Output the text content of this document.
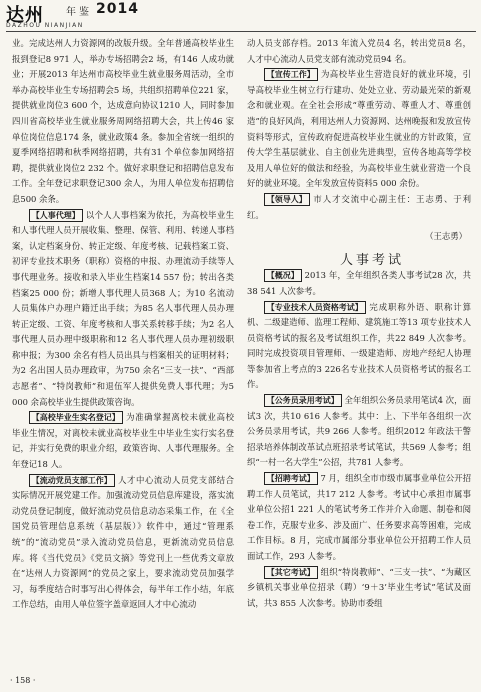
达州 年鉴 2014
DAZHOU NIANJIAN

业。完成达州人力资源网的改版升级。全年普通高校毕业生报到登记8 971 人，举办专场招聘会2 场，有146 人成功就业；开展2013 年达州市高校毕业生就业服务周活动，全市举办高校毕业生专场招聘会5 场，共组织招聘单位221 家，提供就业岗位3 600 个，达成意向协议1210 人，同时参加四川省高校毕业生就业服务周网络招聘大会，共上传46 家单位岗位信息174 条，就业政策4 条。参加全省统一组织的夏季网络招聘和秋季网络招聘，共有31 个单位参加网络招聘，提供就业岗位2 232 个。做好求职登记和招聘信息发布工作。全年登记求职登记300 余人，为用人单位发布招聘信息500 余条。

【人事代理】 以个人人事档案为依托，为高校毕业生和人事代理人员开展收集、整理、保管、利用、转递人事档案，认定档案身份、转正定级、年度考核、记载档案工资、初评专业技术职务（职称）资格的申报、办理流动手续等人事代理业务。接收和录入毕业生档案14 557 份；转出各类档案25 000 份；新增人事代理人员368 人；为10 名流动人员集体户办理户籍迁出手续；为85 名人事代理人员办理转正定级、工资、年度考核和人事关系转移手续；为2 名人事代理人员办理中级职称和12 名人事代理人员办理初级职称申报；为300 余名有档人员出具与档案相关的证明材料；为2 名出国人员办理政审，为750 余名“三支一扶”、“西部志愿者”、“特岗教师”和退伍军人提供免费人事代理；为5 000 余高校毕业生提供政策咨询。

【高校毕业生实名登记】 为准确掌握离校未就业高校毕业生情况，对离校未就业高校毕业生中毕业生实行实名登记，并实行免费的职业介绍，政策咨询、人事代理服务。全年登记18 人。

【流动党员支部工作】 人才中心流动人员党支部结合实际情况开展党建工作。加强流动党员信息库建设，落实流动党员登记制度，做好流动党员信息动态采集工作，在《全国党员管理信息系统（基层版）》软件中，通过“管理系统”的“流动党员”录入流动党员信息，更新流动党员信息库。将《当代党员》《党员文摘》等党刊上一些优秀文章放在“达州人力资源网”的党员之家上，要求流动党员加强学习，每季度结合时事写出心得体会，每半年工作小结，年底工作总结，由用人单位签字盖章返回人才中心流动

动人员支部存档。2013 年流入党员4 名，转出党员8 名，人才中心流动人员党支部有流动党员94 名。

【宣传工作】 为高校毕业生营造良好的就业环境，引导高校毕业生树立行行建功、处处立业、劳动最光荣的新观念和就业观。在全社会形成“尊重劳动、尊重人才、尊重创造”的良好风尚，利用达州人力资源网、达州晚报和发放宣传资料等形式，宣传政府促进高校毕业生就业的方针政策，宣传大学生基层就业、自主创业先进典型，宣传各地高等学校及用人单位好的做法和经验，为高校毕业生就业营造一个良好的就业环境。全年发放宣传资料5 000 余份。

【领导人】 市人才交流中心副主任：王志勇、于利红。

（王志勇）

人事考试

【概况】 2013 年，全年组织各类人事考试28 次，共38 541 人次参考。

【专业技术人员资格考试】 完成职称外语、职称计算机、二级建造师、监理工程师、建筑施工等13 项专业技术人员资格考试的报名及考试组织工作，共22 849 人次参考。同时完成投资项目管理师、一级建造师、房地产经纪人协理等参加省上考点的3 226名专业技术人员资格考试的报名工作。

【公务员录用考试】 全年组织公务员录用笔试4 次，面试3 次，共10 616 人参考。其中：上、下半年各组织一次公务员录用考试，共9 266 人参考。组织2012 年政法干警招录培养体制改革试点班招录考试笔试，共569 人参考；组织“一村一名大学生”公招，共781 人参考。

【招聘考试】 7 月，组织全市市级市属事业单位公开招聘工作人员笔试，共17 212 人参考。考试中心承担市属事业单位公招1 221 人的笔试考务工作并介入命题、制卷和阅卷工作，克服专业多、涉及面广、任务要求高等困难，完成工作目标。8 月，完成市属部分事业单位公开招聘工作人员面试工作，293 人参考。

【其它考试】 组织“特岗教师”、“三支一扶”、“为藏区乡镇机关事业单位招录（聘）‘9＋3’毕业生考试”笔试及面试，共3 855 人次参考。协助市委组

· 158 ·
